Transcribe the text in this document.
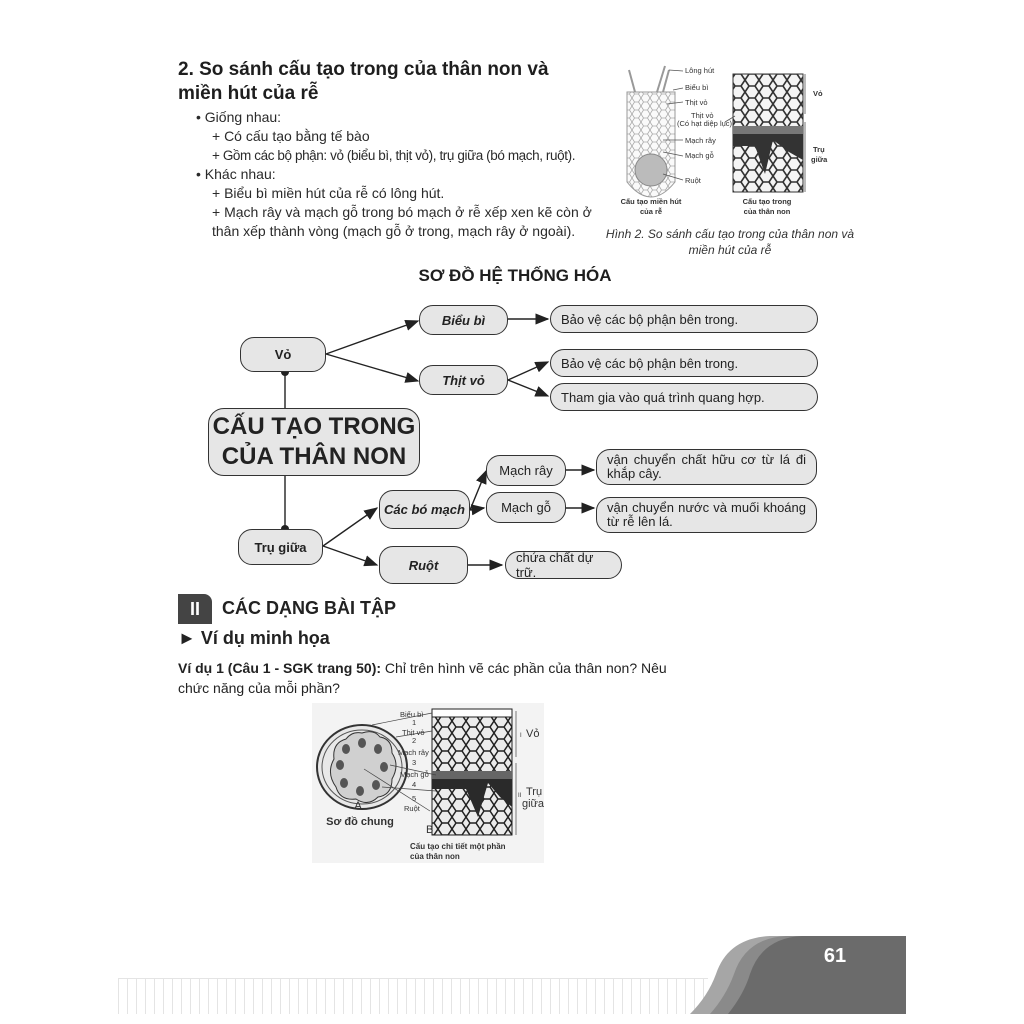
2. So sánh cấu tạo trong của thân non và miền hút của rễ
• Giống nhau:
+ Có cấu tạo bằng tế bào
+ Gồm các bộ phận: vỏ (biểu bì, thịt vỏ), trụ giữa (bó mạch, ruột).
• Khác nhau:
+ Biểu bì miền hút của rễ có lông hút.
+ Mạch rây và mạch gỗ trong bó mạch ở rễ xếp xen kẽ còn ở thân xếp thành vòng (mạch gỗ ở trong, mạch rây ở ngoài).
Lông hút
Biểu bì
Thịt vỏ
Thịt vỏ
(Có hạt diệp lục)
Mạch rây
Mạch gỗ
Ruột
Vỏ
Trụ
giữa
Cấu tạo miền hút
của rễ
Cấu tạo trong
của thân non
Hình 2. So sánh cấu tạo trong của thân non và miền hút của rễ
SƠ ĐỒ HỆ THỐNG HÓA
Vỏ
Biểu bì
Thịt vỏ
Bảo vệ các bộ phận bên trong.
Bảo vệ các bộ phận bên trong.
Tham gia vào quá trình quang hợp.
CẤU TẠO TRONG
CỦA THÂN NON
Trụ giữa
Các bó mạch
Ruột
Mạch rây
Mạch gỗ
vận chuyển chất hữu cơ từ lá đi khắp cây.
vận chuyển nước và muối khoáng từ rễ lên lá.
chứa chất dự trữ.
II	CÁC DẠNG BÀI TẬP
► Ví dụ minh họa
Ví dụ 1 (Câu 1 - SGK trang 50): Chỉ trên hình vẽ các phần của thân non? Nêu chức năng của mỗi phần?
Biểu bì
1
Thịt vỏ
2
Mạch rây
3
Mạch gỗ
4
5
Ruột
I Vỏ
II Trụ
giữa
A
Sơ đồ chung
B
Cấu tạo chi tiết một phần
của thân non
61
